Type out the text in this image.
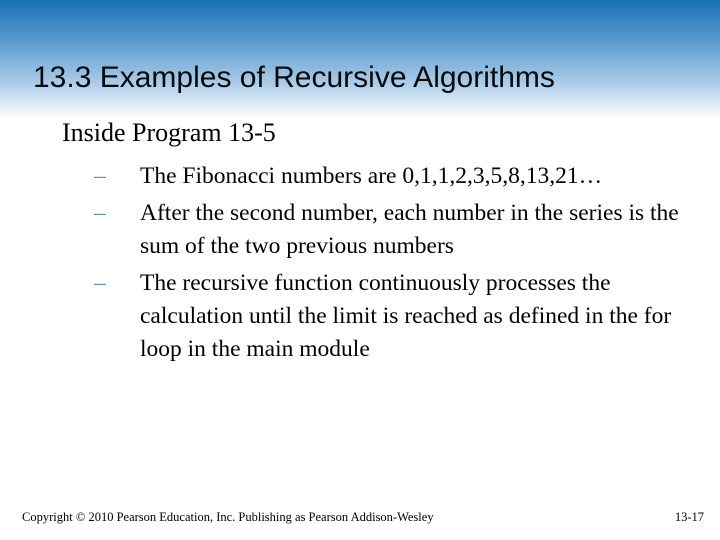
13.3 Examples of Recursive Algorithms
Inside Program 13-5
–	The Fibonacci numbers are 0,1,1,2,3,5,8,13,21…
–	After the second number, each number in the series is the sum of the two previous numbers
–	The recursive function continuously processes the calculation until the limit is reached as defined in the for loop in the main module
Copyright © 2010 Pearson Education, Inc. Publishing as Pearson Addison-Wesley	13-17
